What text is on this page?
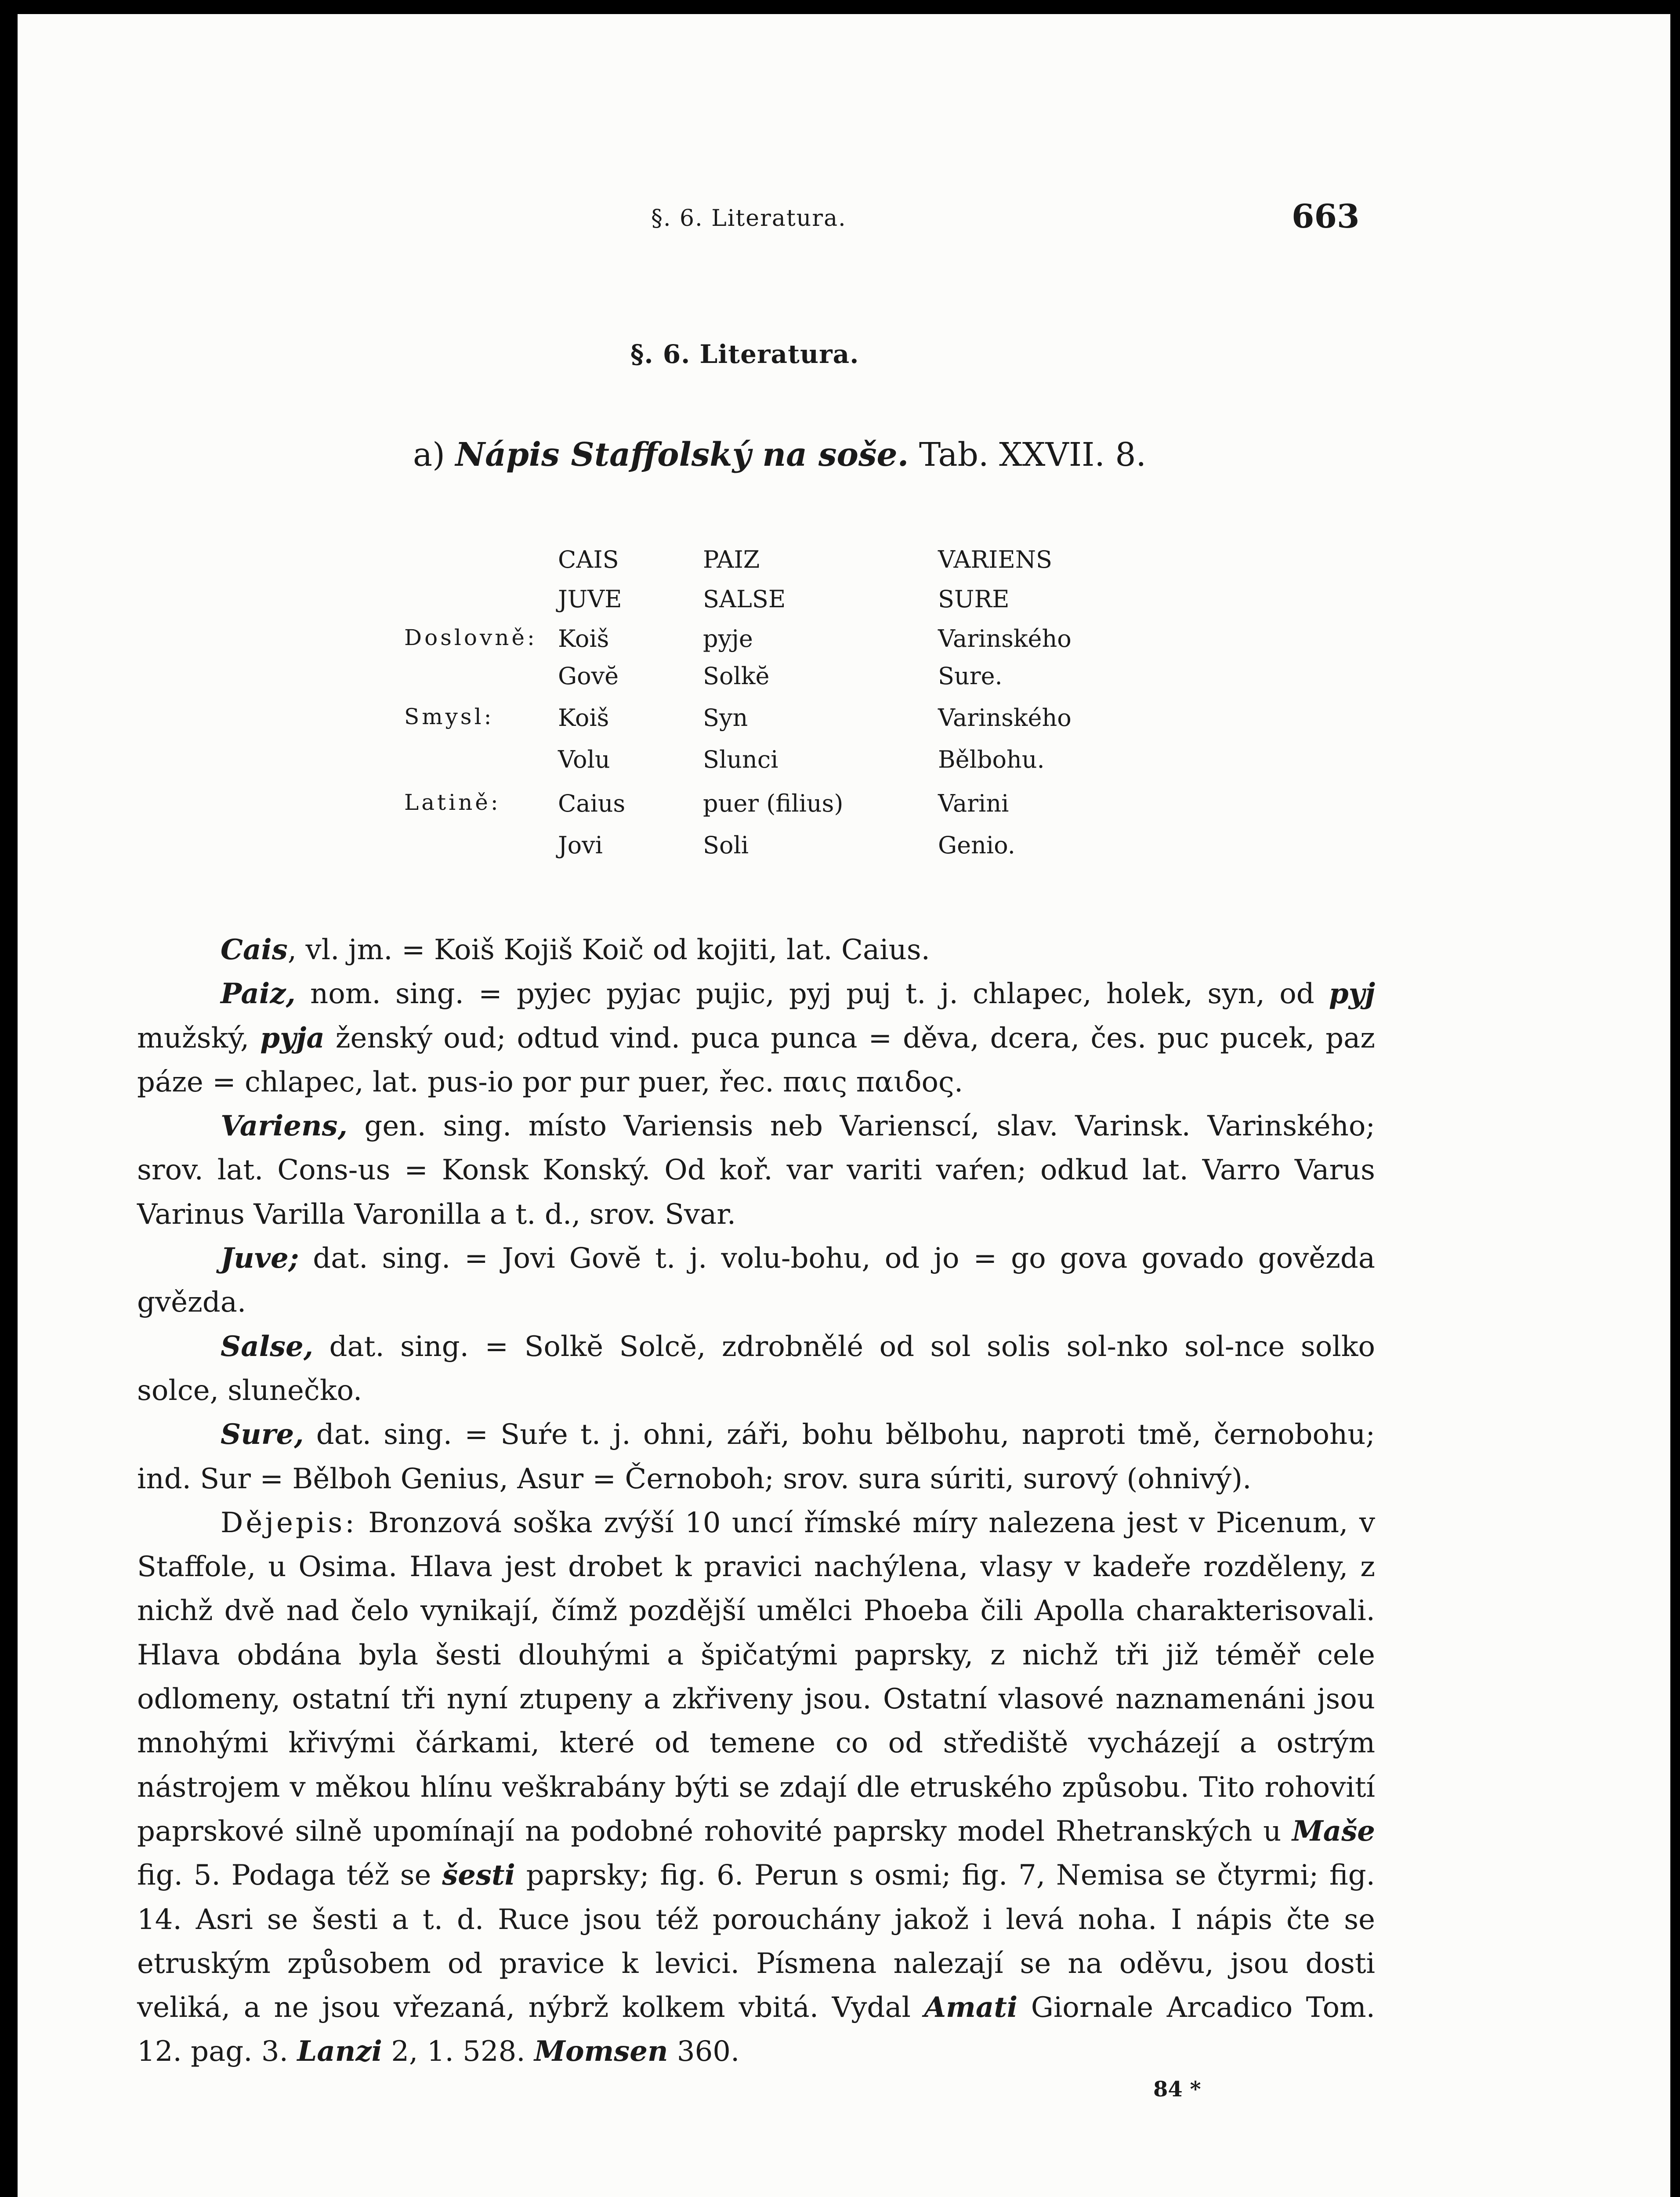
§. 6. Literatura.	663
§. 6. Literatura.
a) Nápis Staffolský na soše. Tab. XXVII. 8.
CAIS	PAIZ	VARIENS
JUVE	SALSE	SURE
Doslovně: Koiš	pyje	Varinského
Govĕ	Solkĕ	Sure.
Smysl:	Koiš	Syn	Varinského
Volu	Slunci	Bělbohu.
Latině: Caius	puer (filius)	Varini
Jovi	Soli	Genio.

Cais, vl. jm. = Koiš Kojiš Koič od kojiti, lat. Caius.

Paiz, nom. sing. = pyjec pyjac pujic, pyj puj t. j. chlapec, holek, syn, od pyj mužský, pyja ženský oud; odtud vind. puca punca = děva, dcera, čes. puc pucek, paz páze = chlapec, lat. pus-io por pur puer, řec. παις παιδος.

Variens, gen. sing. místo Variensis neb Varienscí, slav. Varinsk. Varinského; srov. lat. Cons-us = Konsk Konský. Od koř. var variti vaŕen; odkud lat. Varro Varus Varinus Varilla Varonilla a t. d., srov. Svar.

Juve; dat. sing. = Jovi Govĕ t. j. volu-bohu, od jo = go gova govado govězda gvězda.

Salse, dat. sing. = Solkĕ Solcĕ, zdrobnělé od sol solis sol-nko sol-nce solko solce, slunečko.

Sure, dat. sing. = Suŕe t. j. ohni, záři, bohu bělbohu, naproti tmě, černobohu; ind. Sur = Bělboh Genius, Asur = Černoboh; srov. sura súriti, surový (ohnivý).

Dějepis: Bronzová soška zvýší 10 uncí římské míry nalezena jest v Picenum, v Staffole, u Osima. Hlava jest drobet k pravici nachýlena, vlasy v kadeře rozděleny, z nichž dvě nad čelo vynikají, čímž pozdější umělci Phoeba čili Apolla charakterisovali. Hlava obdána byla šesti dlouhými a špičatými paprsky, z nichž tři již téměř cele odlomeny, ostatní tři nyní ztupeny a zkřiveny jsou. Ostatní vlasové naznamenáni jsou mnohými křivými čárkami, které od temene co od střediště vycházejí a ostrým nástrojem v měkou hlínu veškrabány býti se zdají dle etruského způsobu. Tito rohovití paprskové silně upomínají na podobné rohovité paprsky model Rhetranských u Maše fig. 5. Podaga též se šesti paprsky; fig. 6. Perun s osmi; fig. 7, Nemisa se čtyrmi; fig. 14. Asri se šesti a t. d. Ruce jsou též porouchány jakož i levá noha. I nápis čte se etruským způsobem od pravice k levici. Písmena nalezají se na oděvu, jsou dosti veliká, a ne jsou vřezaná, nýbrž kolkem vbitá. Vydal Amati Giornale Arcadico Tom. 12. pag. 3. Lanzi 2, 1. 528. Momsen 360.

84 *
